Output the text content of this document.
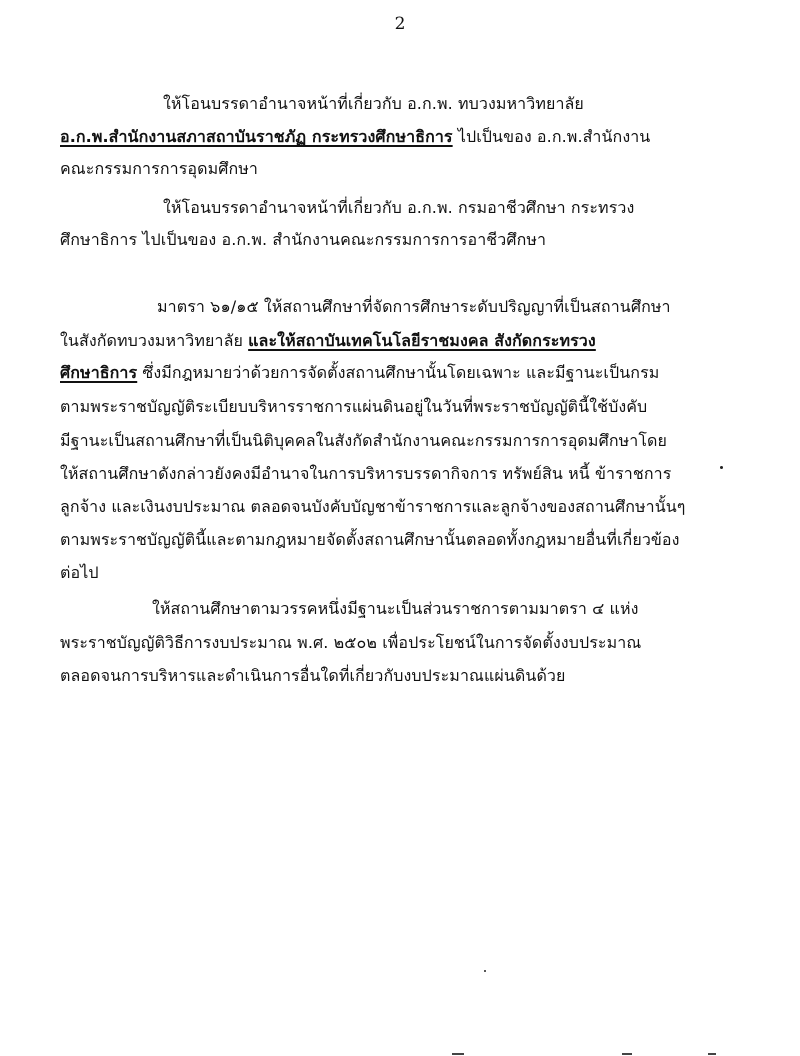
2
ให้โอนบรรดาอำนาจหน้าที่เกี่ยวกับ อ.ก.พ. ทบวงมหาวิทยาลัย
อ.ก.พ.สำนักงานสภาสถาบันราชภัฏ กระทรวงศึกษาธิการ ไปเป็นของ อ.ก.พ.สำนักงาน
คณะกรรมการการอุดมศึกษา
ให้โอนบรรดาอำนาจหน้าที่เกี่ยวกับ อ.ก.พ. กรมอาชีวศึกษา กระทรวง
ศึกษาธิการ ไปเป็นของ อ.ก.พ. สำนักงานคณะกรรมการการอาชีวศึกษา
มาตรา ๖๑/๑๕ ให้สถานศึกษาที่จัดการศึกษาระดับปริญญาที่เป็นสถานศึกษา
ในสังกัดทบวงมหาวิทยาลัย และให้สถาบันเทคโนโลยีราชมงคล สังกัดกระทรวง
ศึกษาธิการ ซึ่งมีกฎหมายว่าด้วยการจัดตั้งสถานศึกษานั้นโดยเฉพาะ และมีฐานะเป็นกรม
ตามพระราชบัญญัติระเบียบบริหารราชการแผ่นดินอยู่ในวันที่พระราชบัญญัตินี้ใช้บังคับ
มีฐานะเป็นสถานศึกษาที่เป็นนิติบุคคลในสังกัดสำนักงานคณะกรรมการการอุดมศึกษาโดย
ให้สถานศึกษาดังกล่าวยังคงมีอำนาจในการบริหารบรรดากิจการ ทรัพย์สิน หนี้ ข้าราชการ
ลูกจ้าง และเงินงบประมาณ ตลอดจนบังคับบัญชาข้าราชการและลูกจ้างของสถานศึกษานั้นๆ
ตามพระราชบัญญัตินี้และตามกฎหมายจัดตั้งสถานศึกษานั้นตลอดทั้งกฎหมายอื่นที่เกี่ยวข้อง
ต่อไป
ให้สถานศึกษาตามวรรคหนึ่งมีฐานะเป็นส่วนราชการตามมาตรา ๔ แห่ง
พระราชบัญญัติวิธีการงบประมาณ พ.ศ. ๒๕๐๒ เพื่อประโยชน์ในการจัดตั้งงบประมาณ
ตลอดจนการบริหารและดำเนินการอื่นใดที่เกี่ยวกับงบประมาณแผ่นดินด้วย
